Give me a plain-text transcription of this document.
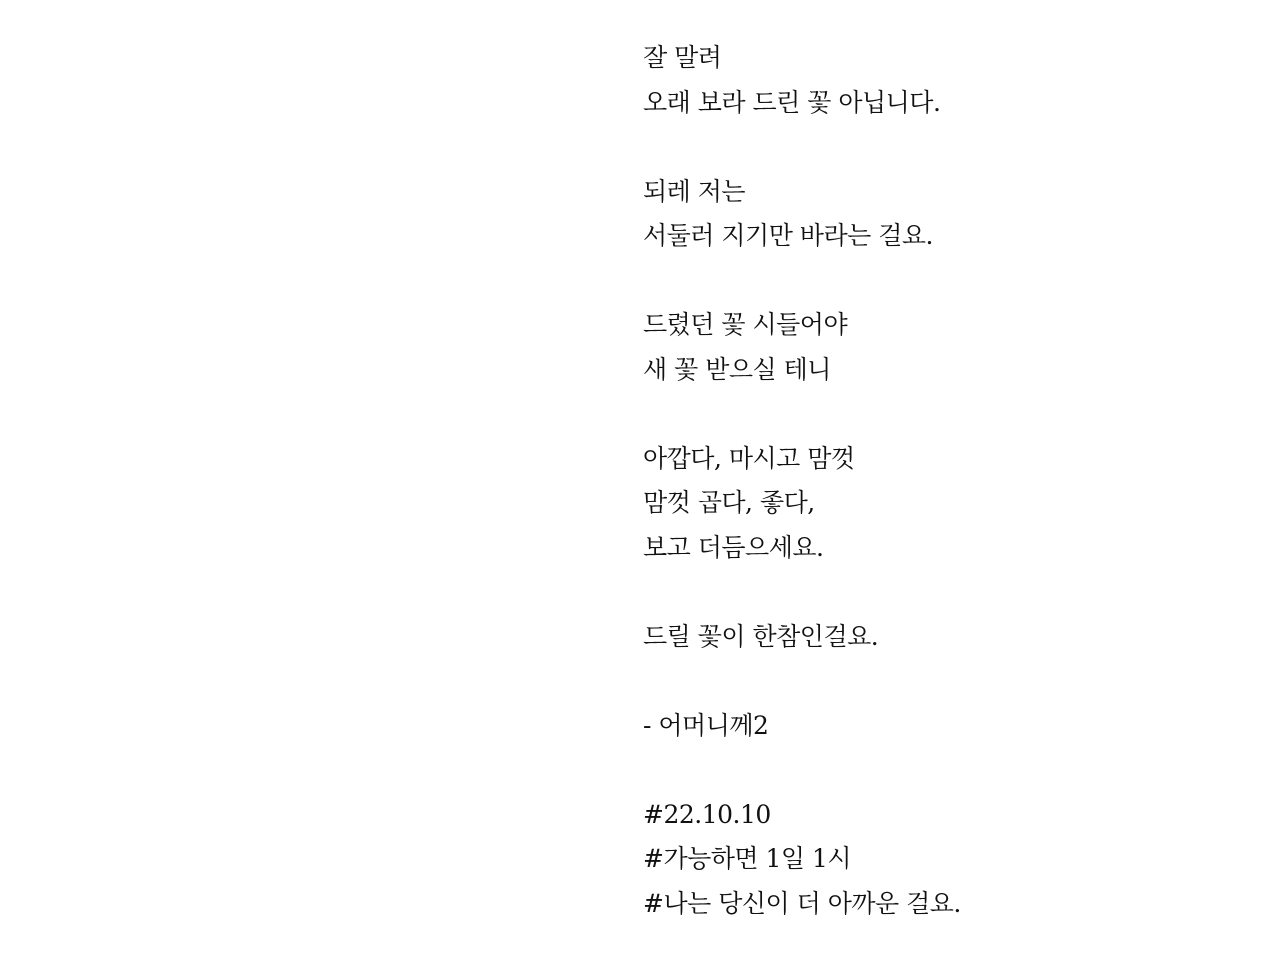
잘 말려
오래 보라 드린 꽃 아닙니다.
되레 저는
서둘러 지기만 바라는 걸요.
드렸던 꽃 시들어야
새 꽃 받으실 테니
아깝다, 마시고 맘껏
맘껏 곱다, 좋다,
보고 더듬으세요.
드릴 꽃이 한참인걸요.
- 어머니께2
#22.10.10
#가능하면 1일 1시
#나는 당신이 더 아까운 걸요.
